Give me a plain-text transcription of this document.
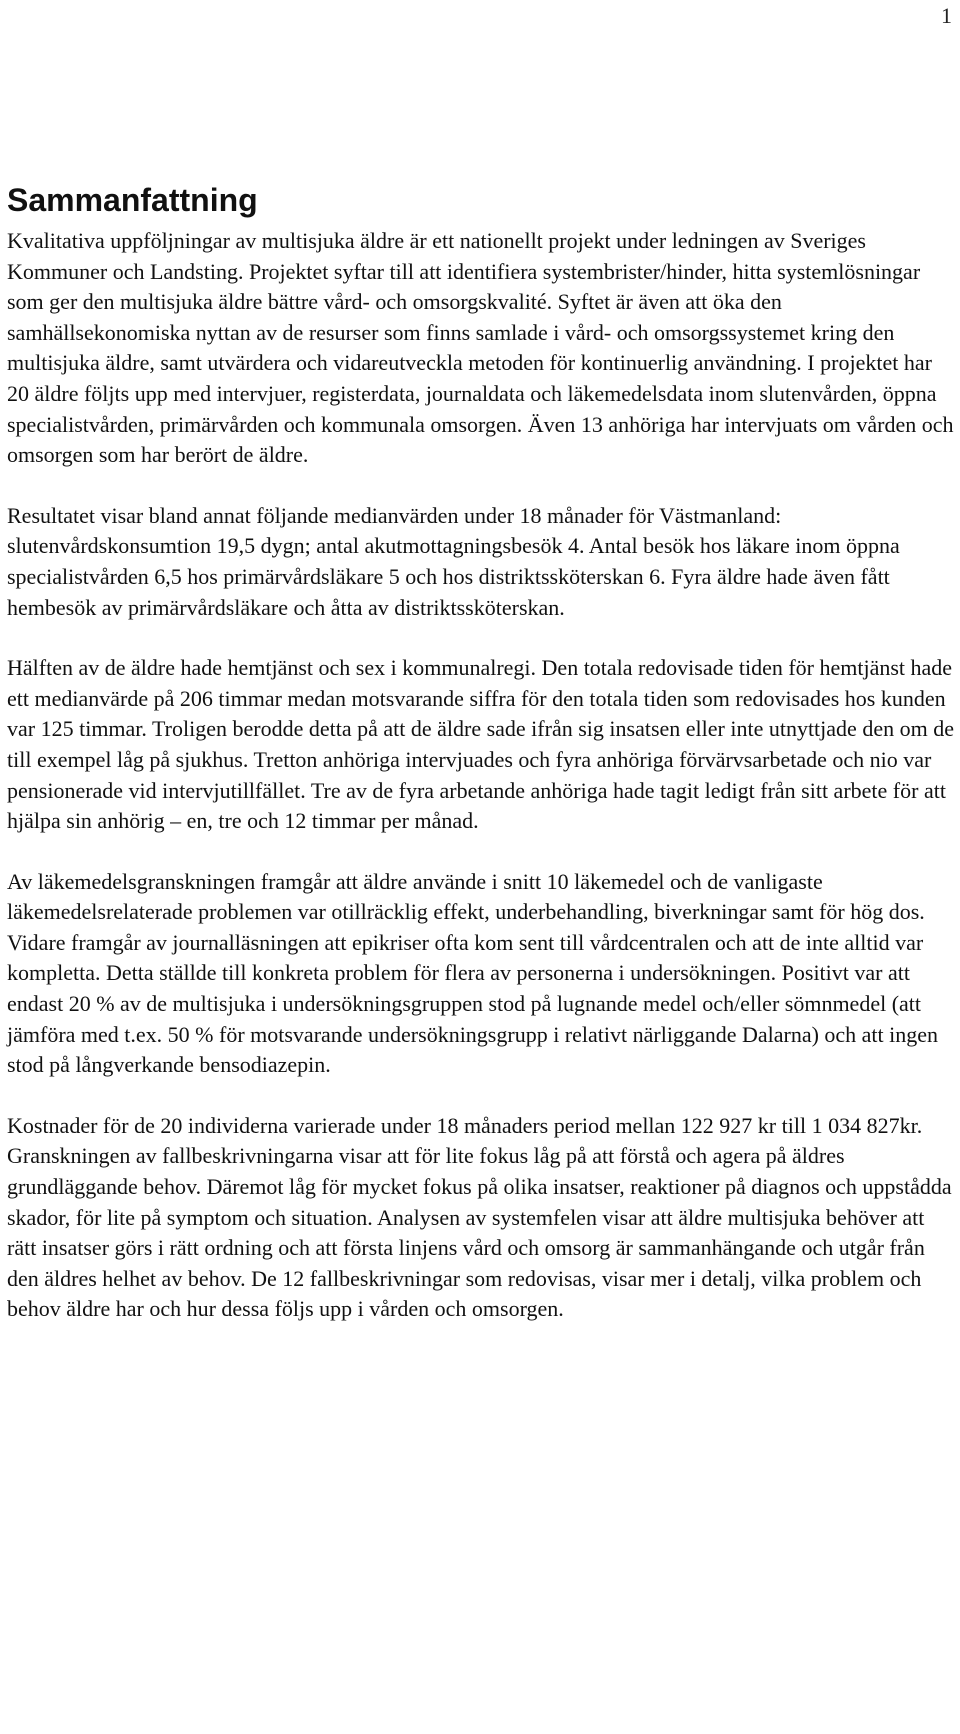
1
Sammanfattning

Kvalitativa uppföljningar av multisjuka äldre är ett nationellt projekt under ledningen av Sveriges Kommuner och Landsting. Projektet syftar till att identifiera systembrister/hinder, hitta systemlösningar som ger den multisjuka äldre bättre vård- och omsorgskvalité. Syftet är även att öka den samhällsekonomiska nyttan av de resurser som finns samlade i vård- och omsorgssystemet kring den multisjuka äldre, samt utvärdera och vidareutveckla metoden för kontinuerlig användning. I projektet har 20 äldre följts upp med intervjuer, registerdata, journaldata och läkemedelsdata inom slutenvården, öppna specialistvården, primärvården och kommunala omsorgen. Även 13 anhöriga har intervjuats om vården och omsorgen som har berört de äldre.

Resultatet visar bland annat följande medianvärden under 18 månader för Västmanland: slutenvårdskonsumtion 19,5 dygn; antal akutmottagningsbesök 4. Antal besök hos läkare inom öppna specialistvården 6,5 hos primärvårdsläkare 5 och hos distriktssköterskan 6. Fyra äldre hade även fått hembesök av primärvårdsläkare och åtta av distriktssköterskan.

Hälften av de äldre hade hemtjänst och sex i kommunalregi. Den totala redovisade tiden för hemtjänst hade ett medianvärde på 206 timmar medan motsvarande siffra för den totala tiden som redovisades hos kunden var 125 timmar. Troligen berodde detta på att de äldre sade ifrån sig insatsen eller inte utnyttjade den om de till exempel låg på sjukhus. Tretton anhöriga intervjuades och fyra anhöriga förvärvsarbetade och nio var pensionerade vid intervjutillfället. Tre av de fyra arbetande anhöriga hade tagit ledigt från sitt arbete för att hjälpa sin anhörig – en, tre och 12 timmar per månad.

Av läkemedelsgranskningen framgår att äldre använde i snitt 10 läkemedel och de vanligaste läkemedelsrelaterade problemen var otillräcklig effekt, underbehandling, biverkningar samt för hög dos. Vidare framgår av journalläsningen att epikriser ofta kom sent till vårdcentralen och att de inte alltid var kompletta. Detta ställde till konkreta problem för flera av personerna i undersökningen. Positivt var att endast 20 % av de multisjuka i undersökningsgruppen stod på lugnande medel och/eller sömnmedel (att jämföra med t.ex. 50 % för motsvarande undersökningsgrupp i relativt närliggande Dalarna) och att ingen stod på långverkande bensodiazepin.

Kostnader för de 20 individerna varierade under 18 månaders period mellan 122 927 kr till 1 034 827kr. Granskningen av fallbeskrivningarna visar att för lite fokus låg på att förstå och agera på äldres grundläggande behov. Däremot låg för mycket fokus på olika insatser, reaktioner på diagnos och uppstådda skador, för lite på symptom och situation. Analysen av systemfelen visar att äldre multisjuka behöver att rätt insatser görs i rätt ordning och att första linjens vård och omsorg är sammanhängande och utgår från den äldres helhet av behov. De 12 fallbeskrivningar som redovisas, visar mer i detalj, vilka problem och behov äldre har och hur dessa följs upp i vården och omsorgen.
